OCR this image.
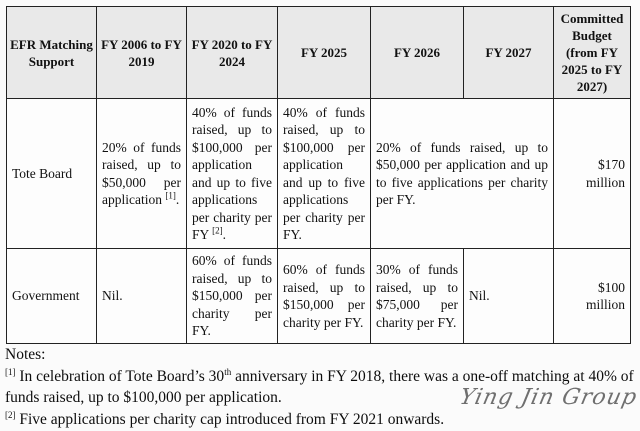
EFR Matching Support	FY 2006 to FY 2019	FY 2020 to FY 2024	FY 2025	FY 2026	FY 2027	Committed Budget (from FY 2025 to FY 2027)
Tote Board	20% of funds raised, up to $50,000 per application [1].	40% of funds raised, up to $100,000 per application and up to five applications per charity per FY [2].	40% of funds raised, up to $100,000 per application and up to five applications per charity per FY.	20% of funds raised, up to $50,000 per application and up to five applications per charity per FY.		$170 million
Government	Nil.	60% of funds raised, up to $150,000 per charity per FY.	60% of funds raised, up to $150,000 per charity per FY.	30% of funds raised, up to $75,000 per charity per FY.	Nil.	$100 million
Notes:
[1] In celebration of Tote Board’s 30th anniversary in FY 2018, there was a one-off matching at 40% of funds raised, up to $100,000 per application.
[2] Five applications per charity cap introduced from FY 2021 onwards.
Ying Jin Group
